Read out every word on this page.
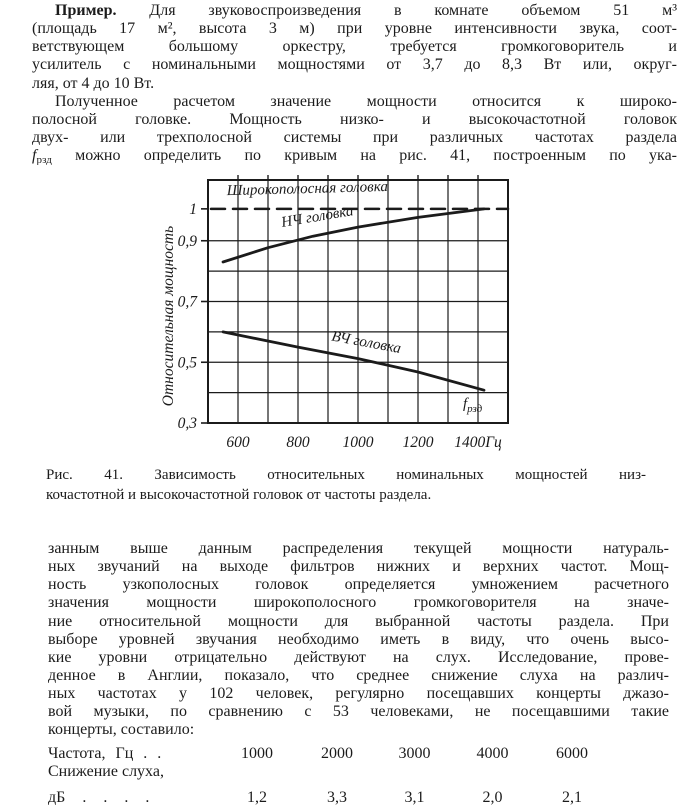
Пример. Для звуковоспроизведения в комнате объемом 51 м³
(площадь 17 м², высота 3 м) при уровне интенсивности звука, соот-
ветствующем большому оркестру, требуется громкоговоритель и
усилитель с номинальными мощностями от 3,7 до 8,3 Вт или, округ-
ляя, от 4 до 10 Вт.
Полученное расчетом значение мощности относится к широко-
полосной головке. Мощность низко- и высокочастотной головок
двух- или трехполосной системы при различных частотах раздела
fрзд можно определить по кривым на рис. 41, построенным по ука-
1
0,9
0,7
0,5
0,3
600 800 1000 1200 1400Гц
Относительная мощность
Широкополосная головка
НЧ головка
ВЧ головка
$f_{рзд}$
Рис. 41. Зависимость относительных номинальных мощностей низ-
кочастотной и высокочастотной головок от частоты раздела.
занным выше данным распределения текущей мощности натураль-
ных звучаний на выходе фильтров нижних и верхних частот. Мощ-
ность узкополосных головок определяется умножением расчетного
значения мощности широкополосного громкоговорителя на значе-
ние относительной мощности для выбранной частоты раздела. При
выборе уровней звучания необходимо иметь в виду, что очень высо-
кие уровни отрицательно действуют на слух. Исследование, прове-
денное в Англии, показало, что среднее снижение слуха на различ-
ных частотах у 102 человек, регулярно посещавших концерты джазо-
вой музыки, по сравнению с 53 человеками, не посещавшими такие
концерты, составило:
Частота, Гц . .	1000	2000	3000	4000	6000
Снижение слуха,
дБ . . . .	1,2	3,3	3,1	2,0	2,1
